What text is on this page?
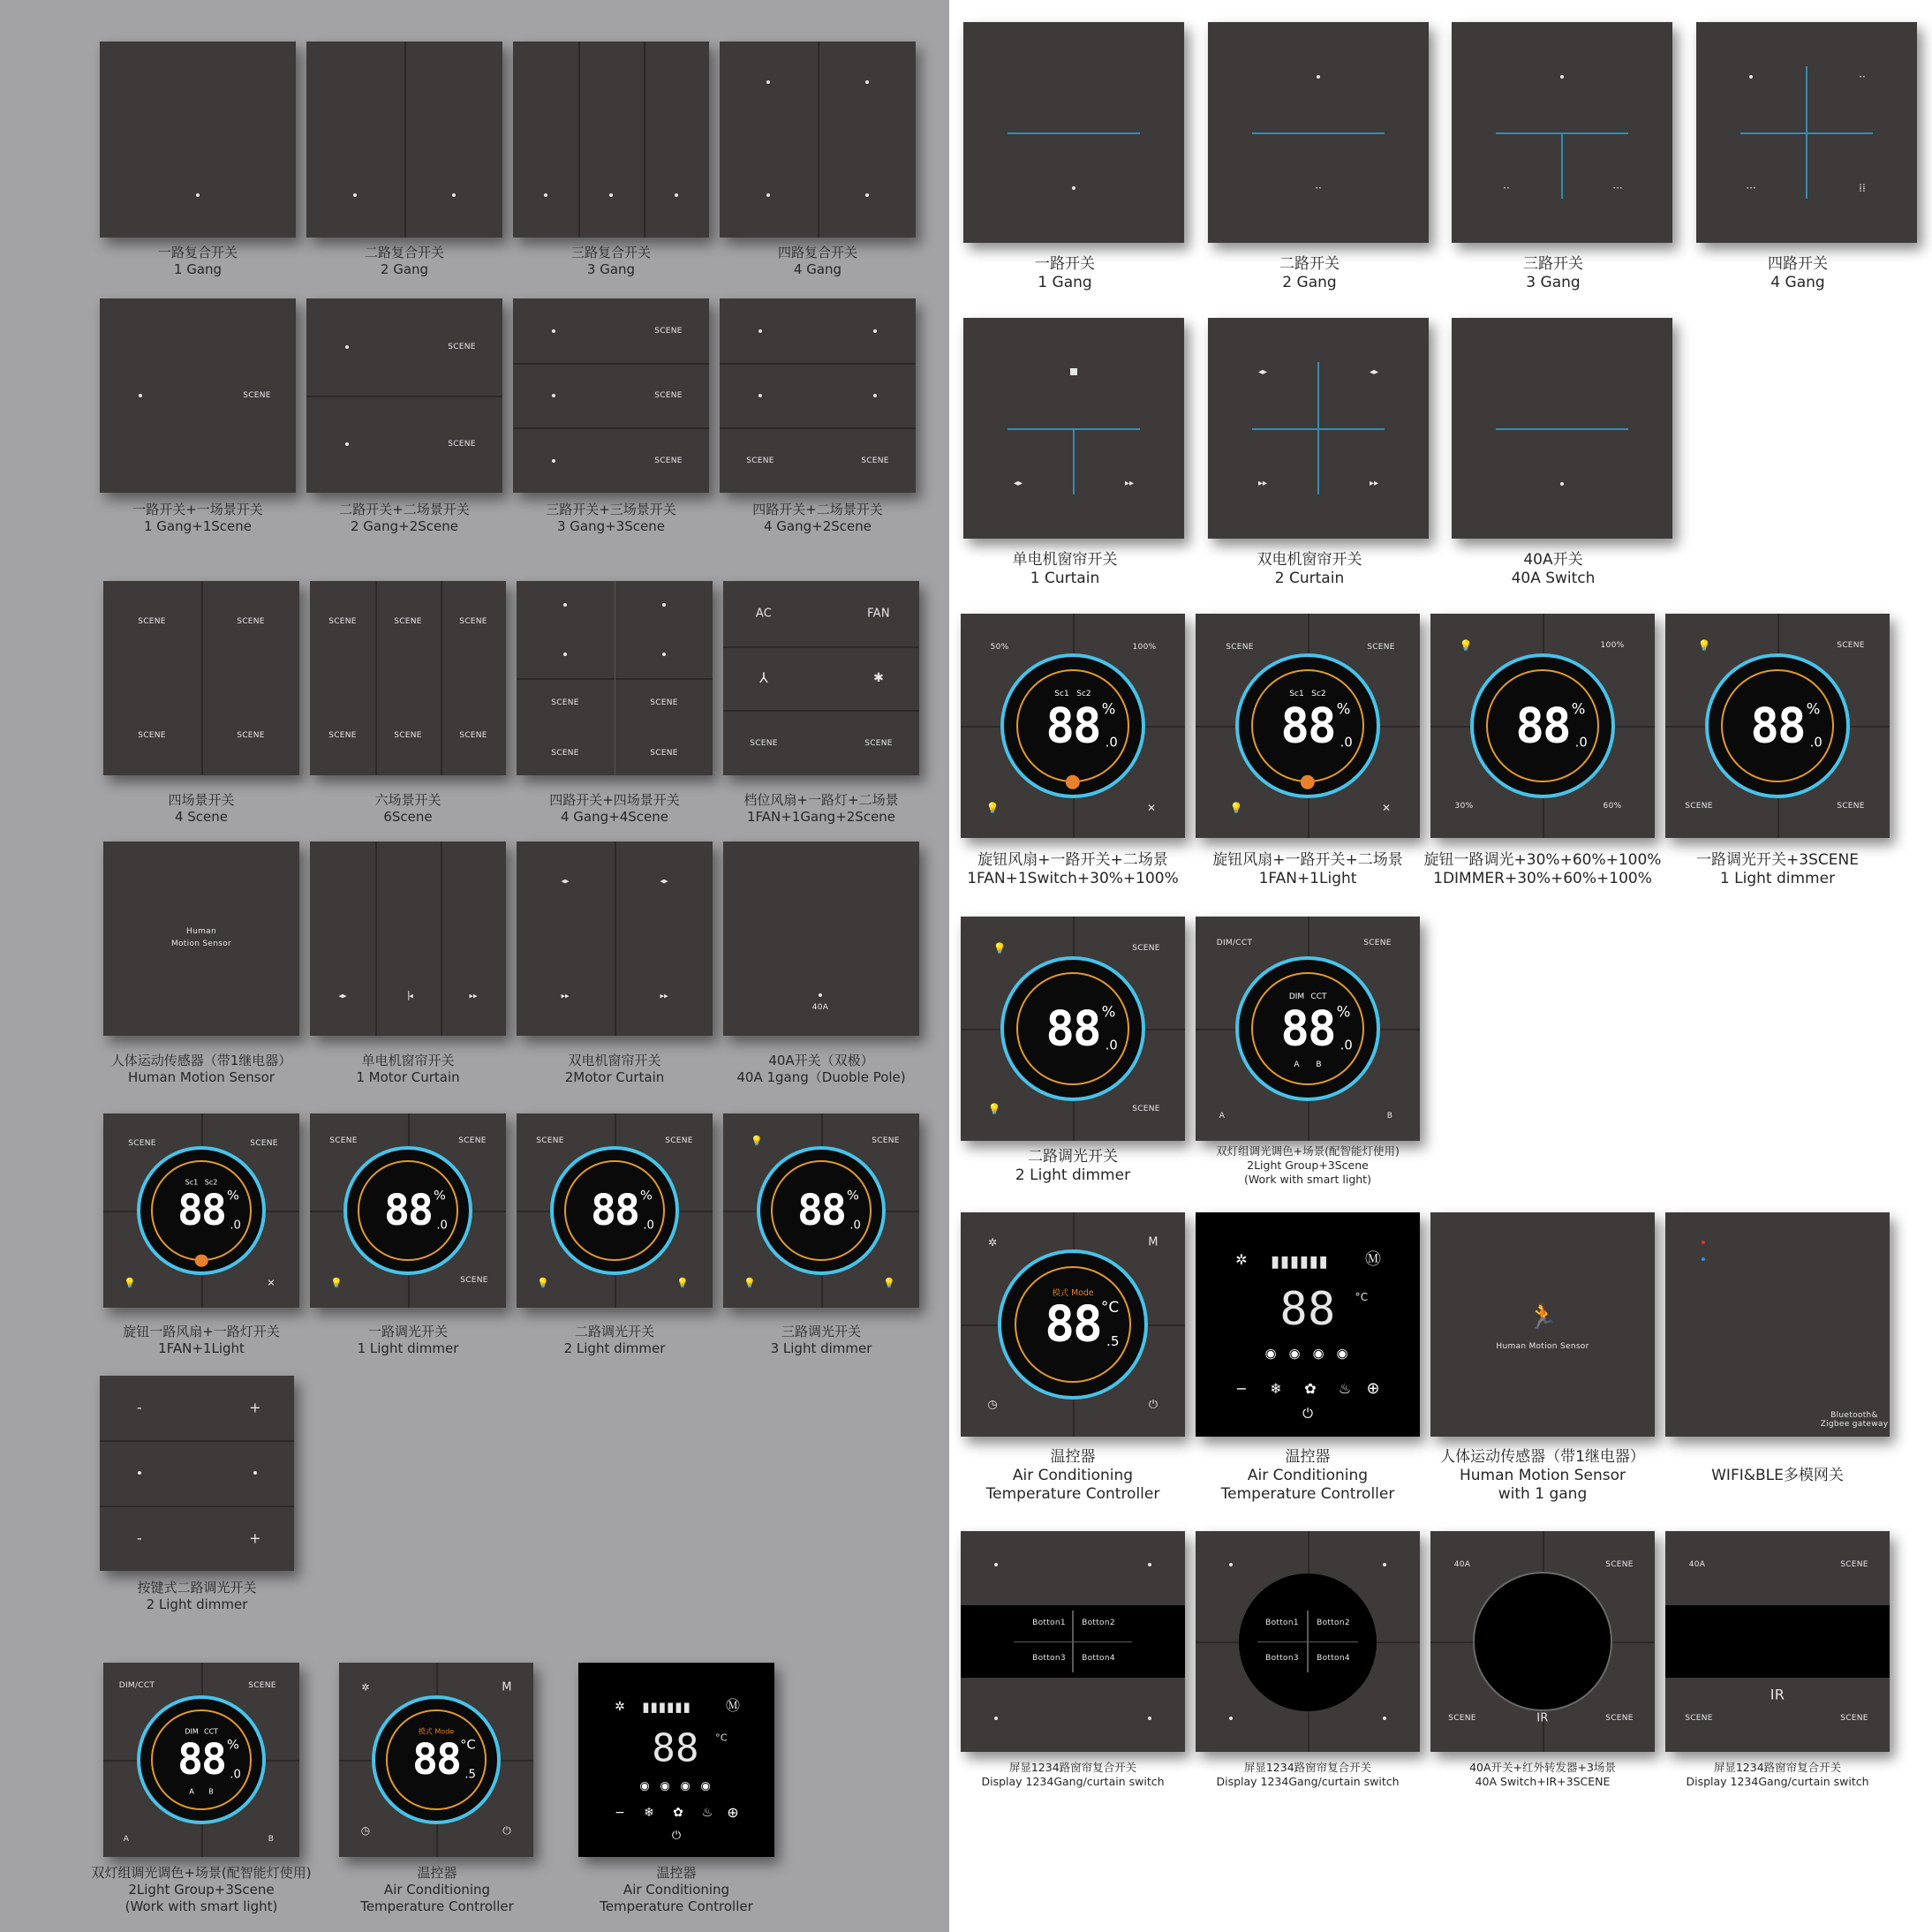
一路复合开关
1 Gang
二路复合开关
2 Gang
三路复合开关
3 Gang
四路复合开关
4 Gang
SCENE
SCENE
SCENE
SCENE
SCENE
SCENE	SCENE	SCENE
一路开关+一场景开关
1 Gang+1Scene
二路开关+二场景开关
2 Gang+2Scene
三路开关+三场景开关
3 Gang+3Scene
四路开关+二场景开关
4 Gang+2Scene
SCENE	SCENE
SCENE	SCENE
SCENE	SCENE	SCENE
SCENE	SCENE	SCENE
SCENE	SCENE
SCENE	SCENE
AC	FAN
⅄	✱
SCENE	SCENE
四场景开关
4 Scene
六场景开关
6Scene
四路开关+四场景开关
4 Gang+4Scene
档位风扇+一路灯+二场景
1FAN+1Gang+2Scene
Human
Motion Sensor
◂▸	▕◂	▸▸
◂▸	◂▸
▸▸	▸▸
40A
人体运动传感器（带1继电器）
Human Motion Sensor
单电机窗帘开关
1 Motor Curtain
双电机窗帘开关
2Motor Curtain
40A开关（双极）
40A 1gang（Duoble Pole)
SCENE	SCENE
💡	✕
88 %
.0
Sc1 Sc2
SCENE	SCENE
SCENE
💡
88 %
.0
SCENE	SCENE
💡	💡
88 %
.0
💡	SCENE
💡	💡
88 %
.0
旋钮一路风扇+一路灯开关
1FAN+1Light
一路调光开关
1 Light dimmer
二路调光开关
2 Light dimmer
三路调光开关
3 Light dimmer
-	+
-	+
按键式二路调光开关
2 Light dimmer
DIM/CCT	SCENE
A	B
88 %
.0
DIM CCT
A B
✲	M
◷	⏻
88 °C
.5
模式 Mode
✲ ▮▮▮▮▮▮ Ⓜ
88 °C
◉ ◉ ◉ ◉
− ❄ ✿ ♨ ⊕
⏻
双灯组调光调色+场景(配智能灯使用)
2Light Group+3Scene
(Work with smart light)
温控器
Air Conditioning
Temperature Controller
温控器
Air Conditioning
Temperature Controller
··	··	···
··
···	⁞⁞
一路开关
1 Gang
二路开关
2 Gang
三路开关
3 Gang
四路开关
4 Gang
◂▸	▸▸
◂▸	◂▸
▸▸	▸▸
单电机窗帘开关
1 Curtain
双电机窗帘开关
2 Curtain
40A开关
40A Switch
50%	100%
💡	✕
88 %
.0
Sc1 Sc2
SCENE	SCENE
💡	✕
88 %
.0
Sc1 Sc2
💡	100%
30%	60%
88 %
.0
💡	SCENE
SCENE	SCENE
88 %
.0
旋钮风扇+一路开关+二场景
1FAN+1Switch+30%+100%
旋钮风扇+一路开关+二场景
1FAN+1Light
旋钮一路调光+30%+60%+100%
1DIMMER+30%+60%+100%
一路调光开关+3SCENE
1 Light dimmer
💡	SCENE
💡	SCENE
88 %
.0
DIM/CCT	SCENE
A	B
88 %
.0
DIM CCT
A B
二路调光开关
2 Light dimmer
双灯组调光调色+场景(配智能灯使用)
2Light Group+3Scene
(Work with smart light)
✲	M
◷	⏻
88 °C
.5
模式 Mode
✲ ▮▮▮▮▮▮ Ⓜ
88 °C
◉ ◉ ◉ ◉
− ❄ ✿ ♨ ⊕
⏻
🏃
Human Motion Sensor
Bluetooth&
Zigbee gateway
温控器
Air Conditioning
Temperature Controller
温控器
Air Conditioning
Temperature Controller
人体运动传感器（带1继电器）
Human Motion Sensor
with 1 gang
WIFI&BLE多模网关
Botton1 Botton2
Botton3 Botton4
Botton1 Botton2
Botton3 Botton4
40A	SCENE
SCENE	SCENE
IR
40A	SCENE
IR
SCENE	SCENE
屏显1234路窗帘复合开关
Display 1234Gang/curtain switch
屏显1234路窗帘复合开关
Display 1234Gang/curtain switch
40A开关+红外转发器+3场景
40A Switch+IR+3SCENE
屏显1234路窗帘复合开关
Display 1234Gang/curtain switch
